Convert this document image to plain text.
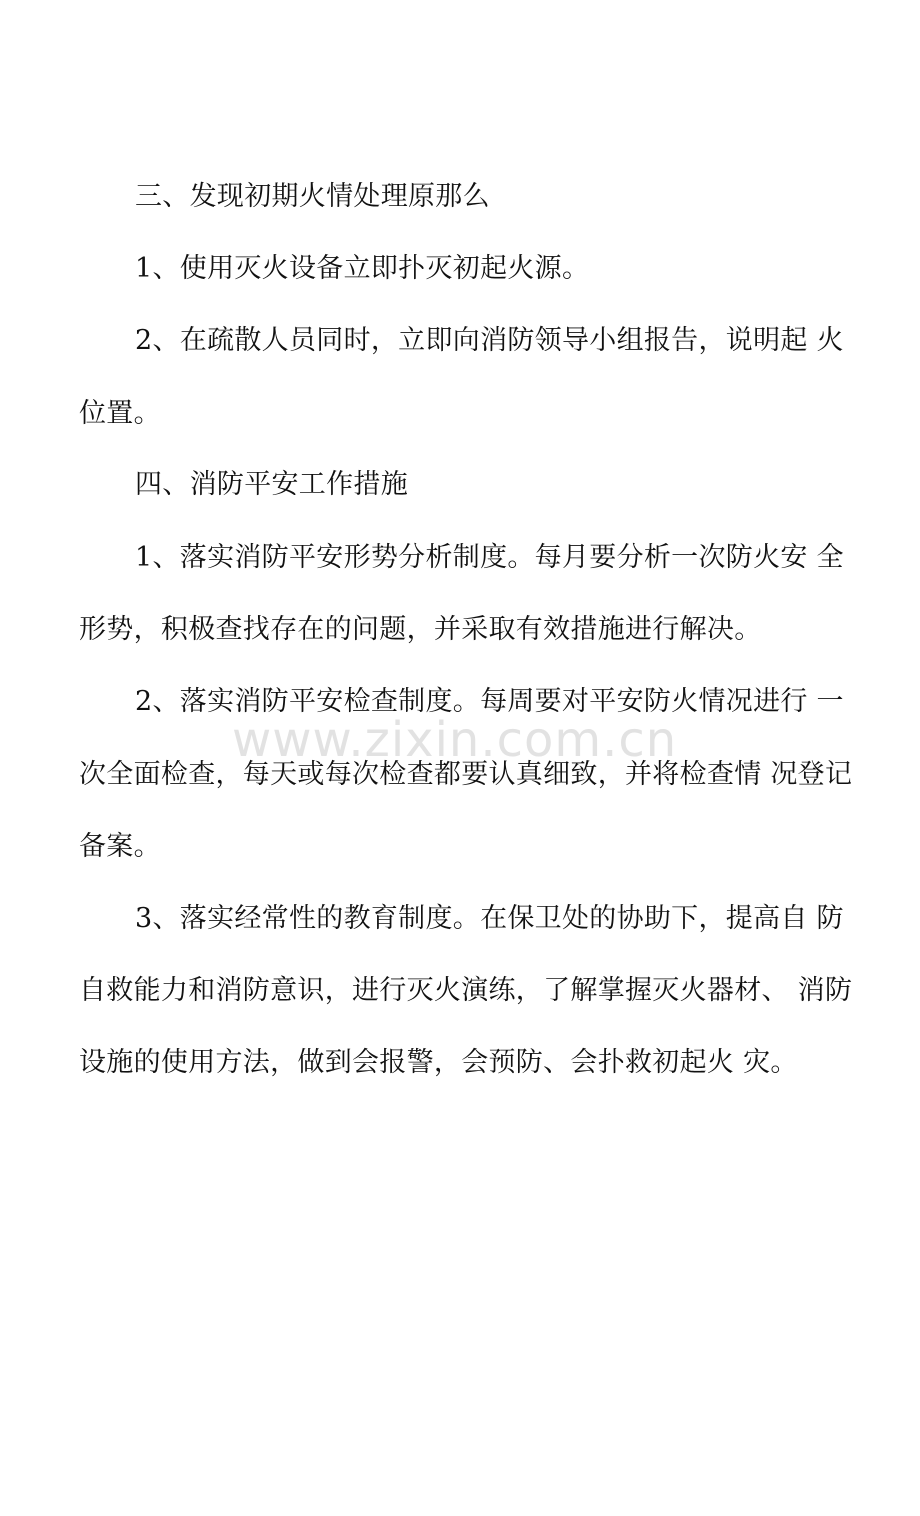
三、发现初期火情处理原那么
1、使用灭火设备立即扑灭初起火源。
2、在疏散人员同时，立即向消防领导小组报告，说明起 火
位置。
四、消防平安工作措施
1、落实消防平安形势分析制度。每月要分析一次防火安 全
形势，积极查找存在的问题，并采取有效措施进行解决。
2、落实消防平安检查制度。每周要对平安防火情况进行 一
次全面检查，每天或每次检查都要认真细致，并将检查情 况登记
备案。
3、落实经常性的教育制度。在保卫处的协助下，提高自 防
自救能力和消防意识，进行灭火演练，了解掌握灭火器材、 消防
设施的使用方法，做到会报警，会预防、会扑救初起火 灾。
www.zixin.com.cn
